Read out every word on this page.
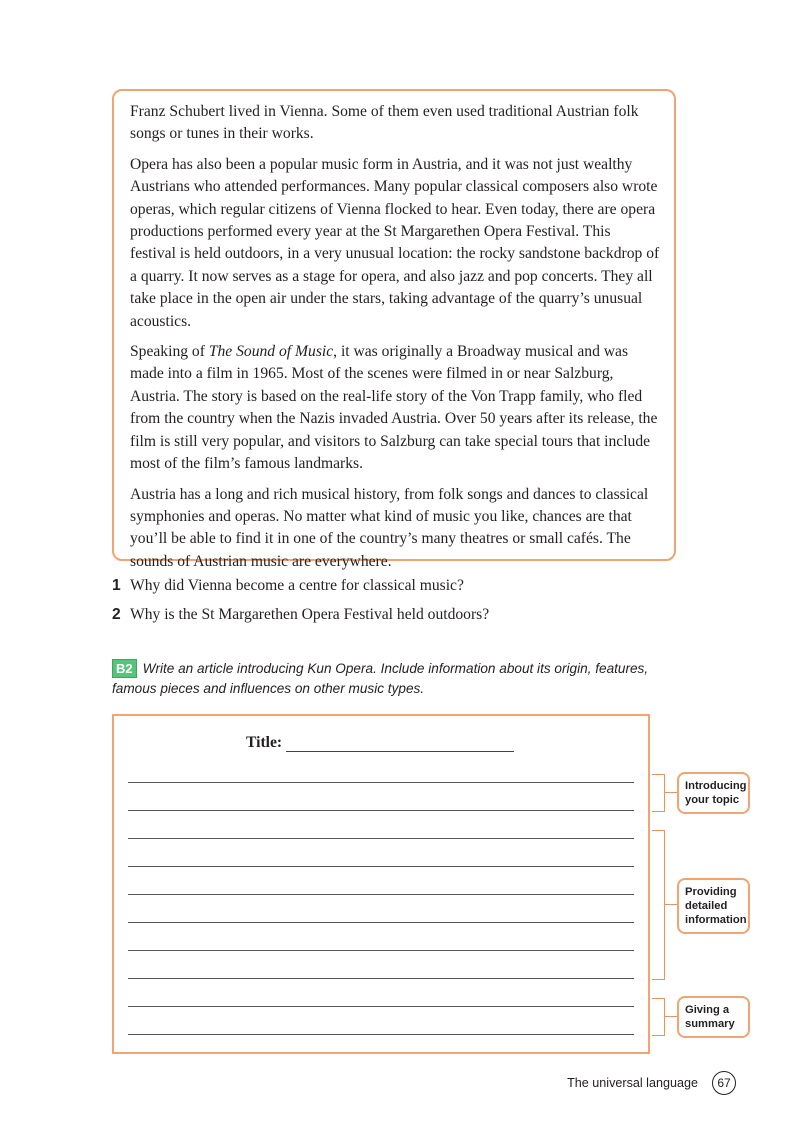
Franz Schubert lived in Vienna. Some of them even used traditional Austrian folk songs or tunes in their works.

Opera has also been a popular music form in Austria, and it was not just wealthy Austrians who attended performances. Many popular classical composers also wrote operas, which regular citizens of Vienna flocked to hear. Even today, there are opera productions performed every year at the St Margarethen Opera Festival. This festival is held outdoors, in a very unusual location: the rocky sandstone backdrop of a quarry. It now serves as a stage for opera, and also jazz and pop concerts. They all take place in the open air under the stars, taking advantage of the quarry’s unusual acoustics.

Speaking of The Sound of Music, it was originally a Broadway musical and was made into a film in 1965. Most of the scenes were filmed in or near Salzburg, Austria. The story is based on the real-life story of the Von Trapp family, who fled from the country when the Nazis invaded Austria. Over 50 years after its release, the film is still very popular, and visitors to Salzburg can take special tours that include most of the film’s famous landmarks.

Austria has a long and rich musical history, from folk songs and dances to classical symphonies and operas. No matter what kind of music you like, chances are that you’ll be able to find it in one of the country’s many theatres or small cafés. The sounds of Austrian music are everywhere.

1 Why did Vienna become a centre for classical music?
2 Why is the St Margarethen Opera Festival held outdoors?
B2 Write an article introducing Kun Opera. Include information about its origin, features, famous pieces and influences on other music types.
Title:
Introducing your topic
Providing detailed information
Giving a summary
The universal language	67
